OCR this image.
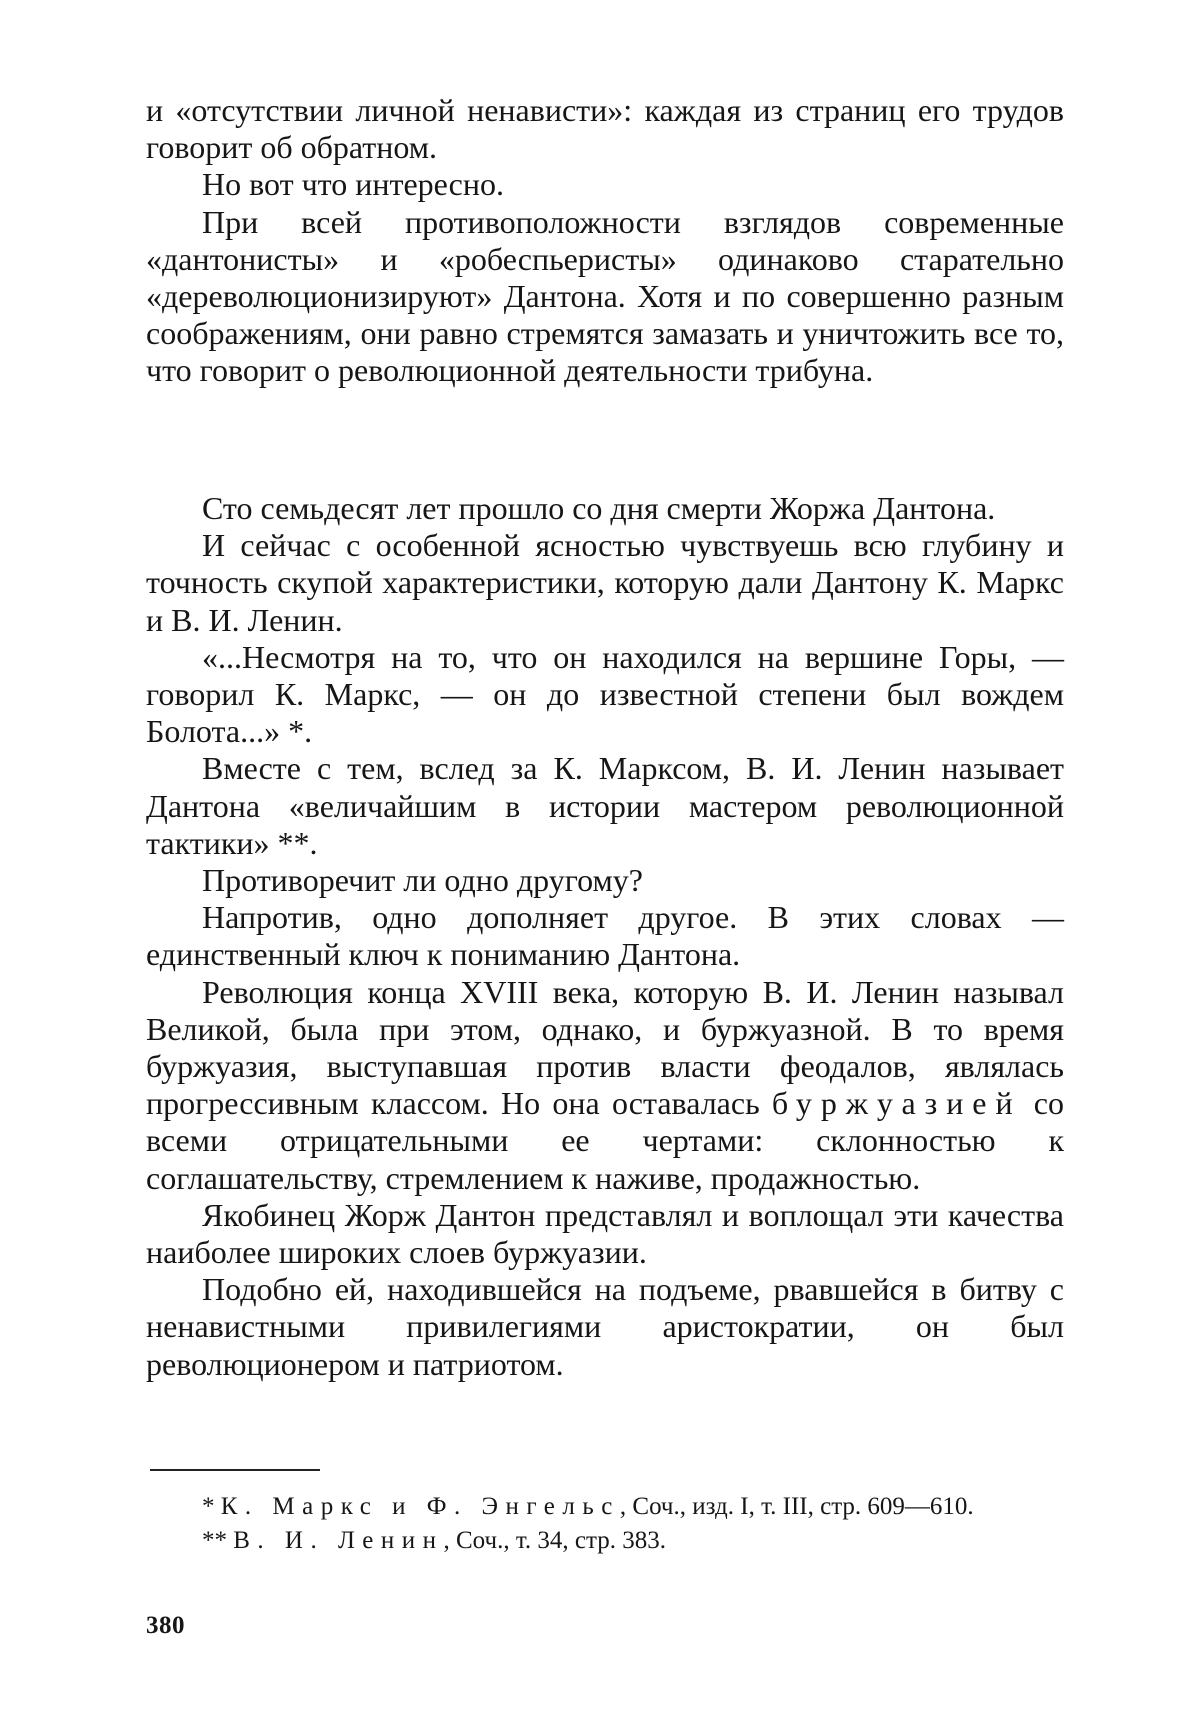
и «отсутствии личной ненависти»: каждая из страниц его трудов говорит об обратном.

Но вот что интересно.

При всей противоположности взглядов современные «дантонисты» и «робеспьеристы» одинаково старательно «дереволюционизируют» Дантона. Хотя и по совершенно разным соображениям, они равно стремятся замазать и уничтожить все то, что говорит о революционной деятельности трибуна.

Сто семьдесят лет прошло со дня смерти Жоржа Дантона.

И сейчас с особенной ясностью чувствуешь всю глубину и точность скупой характеристики, которую дали Дантону К. Маркс и В. И. Ленин.

«...Несмотря на то, что он находился на вершине Горы, — говорил К. Маркс, — он до известной степени был вождем Болота...» *.

Вместе с тем, вслед за К. Марксом, В. И. Ленин называет Дантона «величайшим в истории мастером революционной тактики» **.

Противоречит ли одно другому?

Напротив, одно дополняет другое. В этих словах — единственный ключ к пониманию Дантона.

Революция конца XVIII века, которую В. И. Ленин называл Великой, была при этом, однако, и буржуазной. В то время буржуазия, выступавшая против власти феодалов, являлась прогрессивным классом. Но она оставалась буржуазией со всеми отрицательными ее чертами: склонностью к соглашательству, стремлением к наживе, продажностью.

Якобинец Жорж Дантон представлял и воплощал эти качества наиболее широких слоев буржуазии.

Подобно ей, находившейся на подъеме, рвавшейся в битву с ненавистными привилегиями аристократии, он был революционером и патриотом.

* К. Маркс и Ф. Энгельс, Соч., изд. I, т. III, стр. 609—610.

** В. И. Ленин, Соч., т. 34, стр. 383.

380
